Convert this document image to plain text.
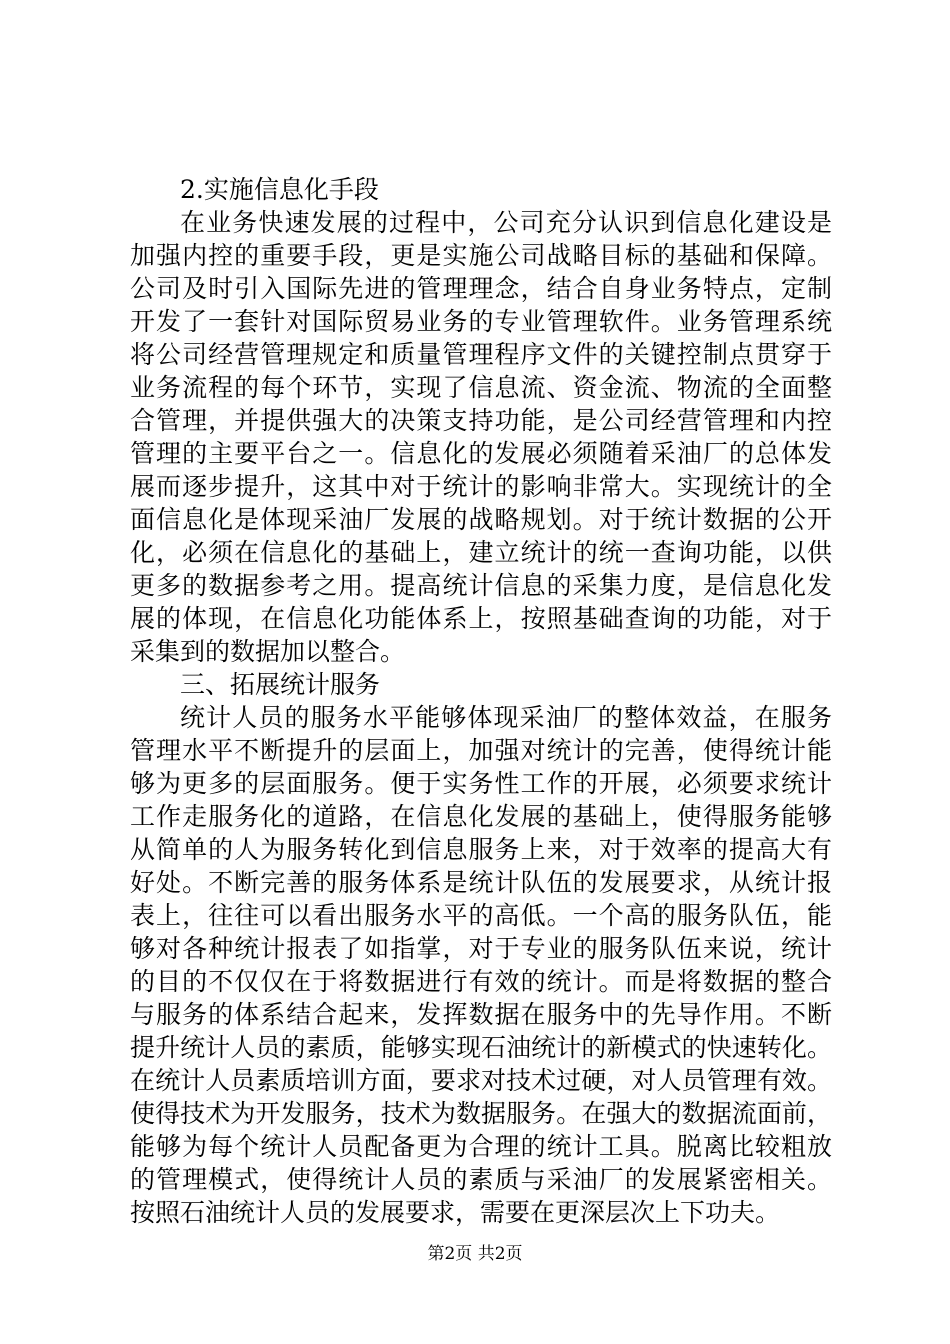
2.实施信息化手段
在业务快速发展的过程中，公司充分认识到信息化建设是
加强内控的重要手段，更是实施公司战略目标的基础和保障。
公司及时引入国际先进的管理理念，结合自身业务特点，定制
开发了一套针对国际贸易业务的专业管理软件。业务管理系统
将公司经营管理规定和质量管理程序文件的关键控制点贯穿于
业务流程的每个环节，实现了信息流、资金流、物流的全面整
合管理，并提供强大的决策支持功能，是公司经营管理和内控
管理的主要平台之一。信息化的发展必须随着采油厂的总体发
展而逐步提升，这其中对于统计的影响非常大。实现统计的全
面信息化是体现采油厂发展的战略规划。对于统计数据的公开
化，必须在信息化的基础上，建立统计的统一查询功能，以供
更多的数据参考之用。提高统计信息的采集力度，是信息化发
展的体现，在信息化功能体系上，按照基础查询的功能，对于
采集到的数据加以整合。
三、拓展统计服务
统计人员的服务水平能够体现采油厂的整体效益，在服务
管理水平不断提升的层面上，加强对统计的完善，使得统计能
够为更多的层面服务。便于实务性工作的开展，必须要求统计
工作走服务化的道路，在信息化发展的基础上，使得服务能够
从简单的人为服务转化到信息服务上来，对于效率的提高大有
好处。不断完善的服务体系是统计队伍的发展要求，从统计报
表上，往往可以看出服务水平的高低。一个高的服务队伍，能
够对各种统计报表了如指掌，对于专业的服务队伍来说，统计
的目的不仅仅在于将数据进行有效的统计。而是将数据的整合
与服务的体系结合起来，发挥数据在服务中的先导作用。不断
提升统计人员的素质，能够实现石油统计的新模式的快速转化。
在统计人员素质培训方面，要求对技术过硬，对人员管理有效。
使得技术为开发服务，技术为数据服务。在强大的数据流面前，
能够为每个统计人员配备更为合理的统计工具。脱离比较粗放
的管理模式，使得统计人员的素质与采油厂的发展紧密相关。
按照石油统计人员的发展要求，需要在更深层次上下功夫。
第2页 共2页
